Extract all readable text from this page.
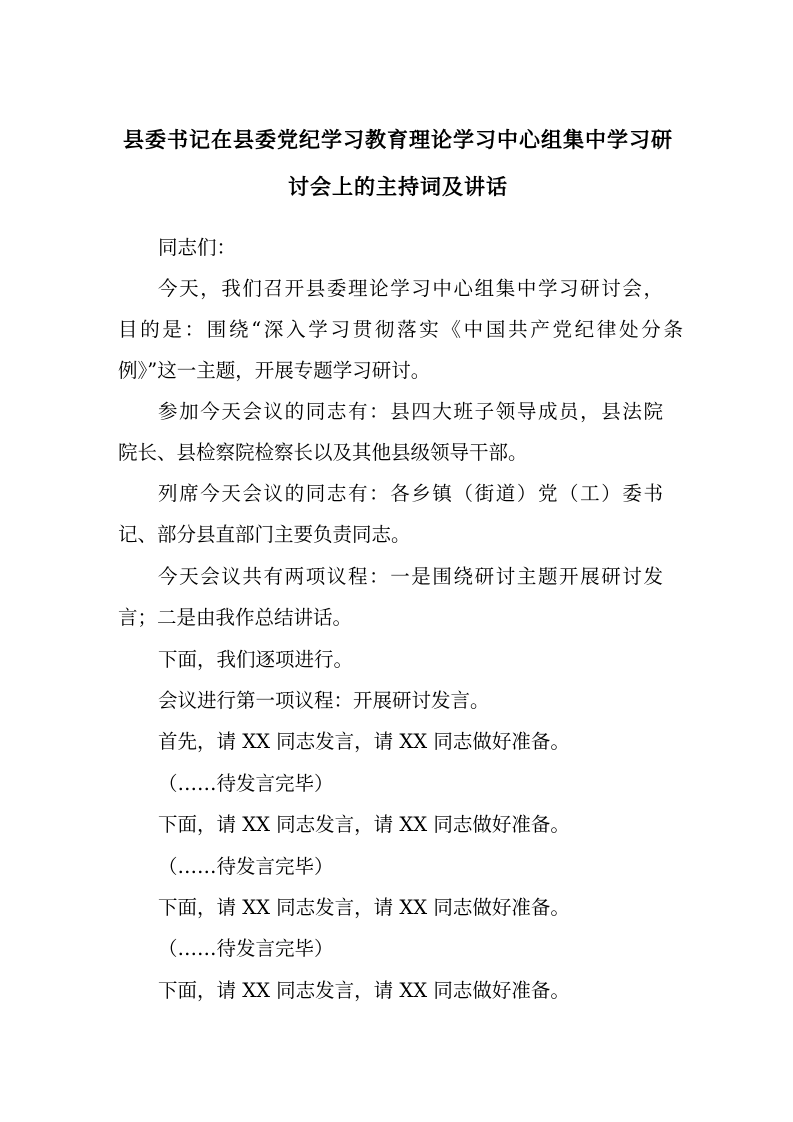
县委书记在县委党纪学习教育理论学习中心组集中学习研
讨会上的主持词及讲话
同志们：
今天，我们召开县委理论学习中心组集中学习研讨会，
目的是：围绕“深入学习贯彻落实《中国共产党纪律处分条
例》”这一主题，开展专题学习研讨。
参加今天会议的同志有：县四大班子领导成员，县法院
院长、县检察院检察长以及其他县级领导干部。
列席今天会议的同志有：各乡镇（街道）党（工）委书
记、部分县直部门主要负责同志。
今天会议共有两项议程：一是围绕研讨主题开展研讨发
言；二是由我作总结讲话。
下面，我们逐项进行。
会议进行第一项议程：开展研讨发言。
首先，请 XX 同志发言，请 XX 同志做好准备。
（……待发言完毕）
下面，请 XX 同志发言，请 XX 同志做好准备。
（……待发言完毕）
下面，请 XX 同志发言，请 XX 同志做好准备。
（……待发言完毕）
下面，请 XX 同志发言，请 XX 同志做好准备。
